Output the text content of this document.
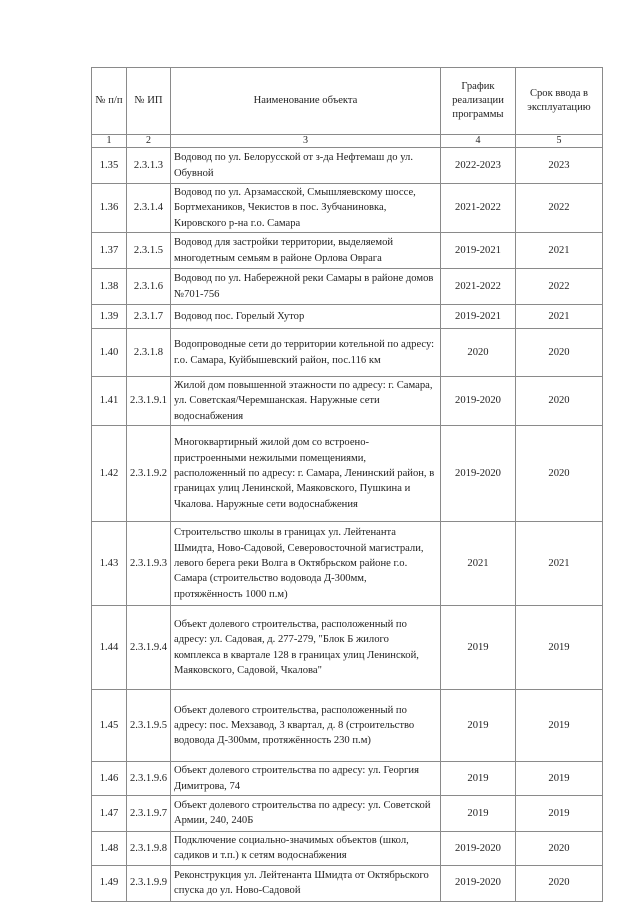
№ п/п	№ ИП	Наименование объекта	График реализации программы	Срок ввода в эксплуатацию
1	2	3	4	5
1.35	2.3.1.3	Водовод по ул. Белорусской от з-да Нефтемаш до ул. Обувной	2022-2023	2023
1.36	2.3.1.4	Водовод по ул. Арзамасской, Смышляевскому шоссе, Бортмехаников, Чекистов в пос. Зубчаниновка, Кировского р-на г.о. Самара	2021-2022	2022
1.37	2.3.1.5	Водовод для застройки территории, выделяемой многодетным семьям в районе Орлова Оврага	2019-2021	2021
1.38	2.3.1.6	Водовод по ул. Набережной реки Самары в районе домов №701-756	2021-2022	2022
1.39	2.3.1.7	Водовод пос. Горелый Хутор	2019-2021	2021
1.40	2.3.1.8	Водопроводные сети до территории котельной по адресу: г.о. Самара, Куйбышевский район, пос.116 км	2020	2020
1.41	2.3.1.9.1	Жилой дом повышенной этажности по адресу: г. Самара, ул. Советская/Черемшанская. Наружные сети водоснабжения	2019-2020	2020
1.42	2.3.1.9.2	Многоквартирный жилой дом со встроено-пристроенными нежилыми помещениями, расположенный по адресу: г. Самара, Ленинский район, в границах улиц Ленинской, Маяковского, Пушкина и Чкалова. Наружные сети водоснабжения	2019-2020	2020
1.43	2.3.1.9.3	Строительство школы в границах ул. Лейтенанта Шмидта, Ново-Садовой, Северовосточной магистрали, левого берега реки Волга в Октябрьском районе г.о. Самара (строительство водовода Д-300мм, протяжённость 1000 п.м)	2021	2021
1.44	2.3.1.9.4	Объект долевого строительства, расположенный по адресу: ул. Садовая, д. 277-279, "Блок Б жилого комплекса в квартале 128 в границах улиц Ленинской, Маяковского, Садовой, Чкалова"	2019	2019
1.45	2.3.1.9.5	Объект долевого строительства, расположенный по адресу: пос. Мехзавод, 3 квартал, д. 8 (строительство водовода Д-300мм, протяжённость 230 п.м)	2019	2019
1.46	2.3.1.9.6	Объект долевого строительства по адресу: ул. Георгия Димитрова, 74	2019	2019
1.47	2.3.1.9.7	Объект долевого строительства по адресу: ул. Советской Армии, 240, 240Б	2019	2019
1.48	2.3.1.9.8	Подключение социально-значимых объектов (школ, садиков и т.п.) к сетям водоснабжения	2019-2020	2020
1.49	2.3.1.9.9	Реконструкция ул. Лейтенанта Шмидта от Октябрьского спуска до ул. Ново-Садовой	2019-2020	2020
